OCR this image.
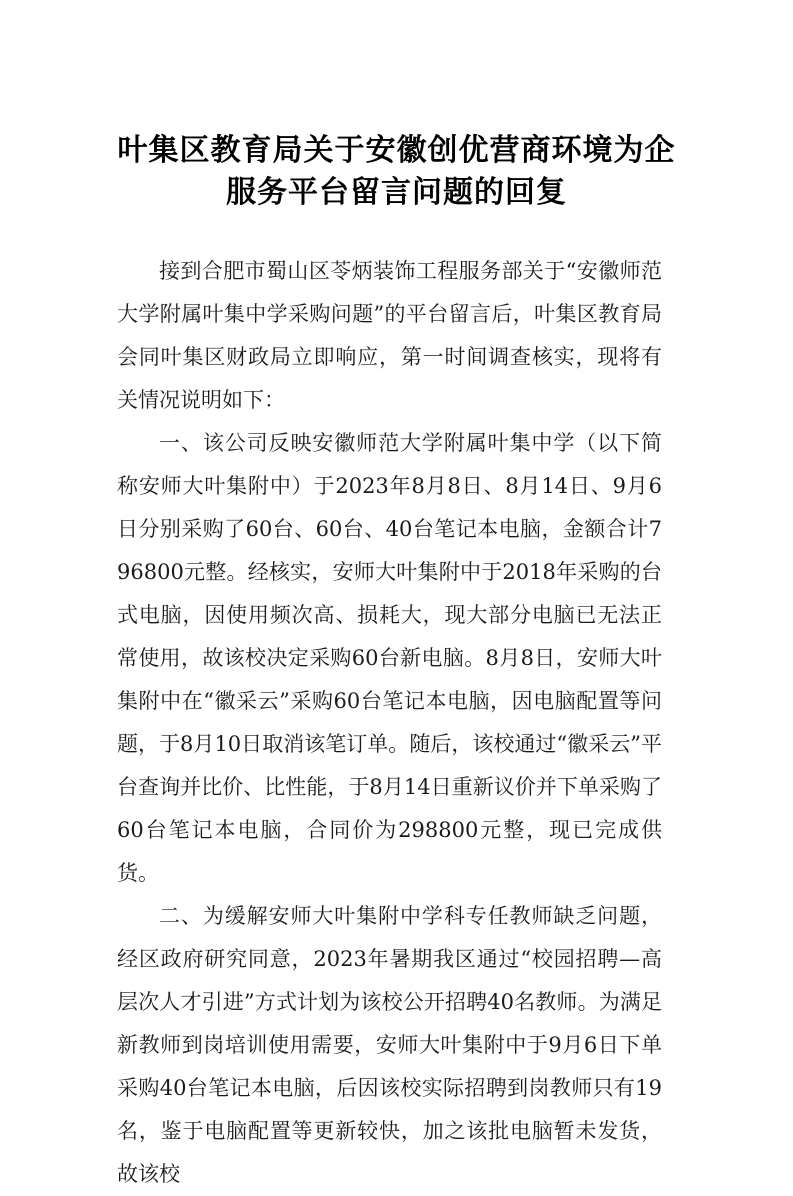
叶集区教育局关于安徽创优营商环境为企
服务平台留言问题的回复

接到合肥市蜀山区苓炳装饰工程服务部关于“安徽师范大学附属叶集中学采购问题”的平台留言后，叶集区教育局会同叶集区财政局立即响应，第一时间调查核实，现将有关情况说明如下：

一、该公司反映安徽师范大学附属叶集中学（以下简称安师大叶集附中）于2023年8月8日、8月14日、9月6日分别采购了60台、60台、40台笔记本电脑，金额合计796800元整。经核实，安师大叶集附中于2018年采购的台式电脑，因使用频次高、损耗大，现大部分电脑已无法正常使用，故该校决定采购60台新电脑。8月8日，安师大叶集附中在“徽采云”采购60台笔记本电脑，因电脑配置等问题，于8月10日取消该笔订单。随后，该校通过“徽采云”平台查询并比价、比性能，于8月14日重新议价并下单采购了60台笔记本电脑，合同价为298800元整，现已完成供货。

二、为缓解安师大叶集附中学科专任教师缺乏问题，经区政府研究同意，2023年暑期我区通过“校园招聘—高层次人才引进”方式计划为该校公开招聘40名教师。为满足新教师到岗培训使用需要，安师大叶集附中于9月6日下单采购40台笔记本电脑，后因该校实际招聘到岗教师只有19名，鉴于电脑配置等更新较快，加之该批电脑暂未发货，故该校
